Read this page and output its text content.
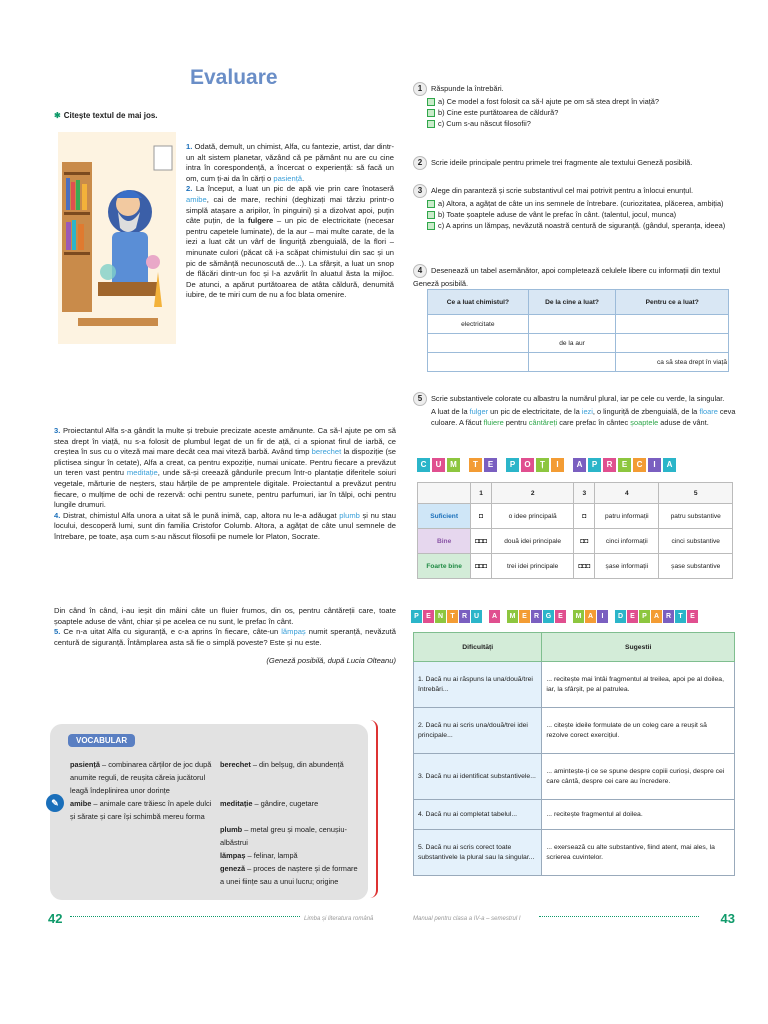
Evaluare
✱ Citește textul de mai jos.

1. Odată, demult, un chimist, Alfa, cu fantezie, artist, dar dintr-un alt sistem planetar, văzând că pe pământ nu are cu cine intra în corespondență, a încercat o experiență: să facă un om, cum ți-ai da în cărți o pasiență.

2. La început, a luat un pic de apă vie prin care înotaseră amibe, cai de mare, rechini (deghizați mai târziu printr-o simplă atașare a aripilor, în pinguini) și a dizolvat apoi, puțin câte puțin, de la fulgere – un pic de electricitate (necesar pentru capetele luminate), de la aur – mai multe carate, de la iezi a luat căt un vârf de linguriță zbenguială, de la flori – minunate culori (păcat că i-a scăpat chimistului din sac și un pic de sămânță necunoscută de...). La sfârșit, a luat un snop de flăcări dintr-un foc și l-a azvârlit în aluatul ăsta la mijloc. De atunci, a apărut purtătoarea de atâta căldură, denumită iubire, de te miri cum de nu a foc blata omenire.

3. Proiectantul Alfa s-a gândit la multe și trebuie precizate aceste amănunte. Ca să-l ajute pe om să stea drept în viață, nu s-a folosit de plumbul legat de un fir de ață, ci a spionat firul de iarbă, ce creștea în sus cu o viteză mai mare decât cea mai viteză barbă. Având timp berechet la dispoziție (se plictisea singur în cetate), Alfa a creat, ca pentru expoziție, numai unicate. Pentru fiecare a prevăzut un teren vast pentru meditație, unde să-și creează gândurile precum într-o plantație diferitele soiuri vegetale, mărturie de neșters, stau hărțile de pe amprentele digitale. Proiectantul a prevăzut pentru fiecare, o mulțime de ochi de rezervă: ochi pentru sunete, pentru parfumuri, iar în tălpi, ochi pentru lungile drumuri.

4. Distrat, chimistul Alfa unora a uitat să le pună inimă, cap, altora nu le-a adăugat plumb și nu stau locului, descoperă lumi, sunt din familia Cristofor Columb. Altora, a agățat de câte unul semnele de întrebare, pe toate, așa cum s-au născut filosofii pe numele lor Platon, Socrate.

1 Răspunde la întrebări.
a) Ce model a fost folosit ca să-l ajute pe om să stea drept în viață?
b) Cine este purtătoarea de căldură?
c) Cum s-au născut filosofii?
2 Scrie ideile principale pentru primele trei fragmente ale textului Geneză posibilă.
3 Alege din paranteză și scrie substantivul cel mai potrivit pentru a înlocui enunțul.
a) Altora, a agățat de câte un ins semnele de întrebare. (curiozitatea, plăcerea, ambiția)
b) Toate șoaptele aduse de vânt le prefac în cânt. (talentul, jocul, munca)
c) A aprins un lămpaș, nevăzută noastră centură de siguranță. (gândul, speranța, ideea)
4 Desenează un tabel asemănător, apoi completează celulele libere cu informații din textul Geneză posibilă.
Ce a luat chimistul?	De la cine a luat?	Pentru ce a luat?
electricitate		
	de la aur	
		ca să stea drept în viață
5 Scrie substantivele colorate cu albastru la numărul plural, iar pe cele cu verde, la singular.
A luat de la fulger un pic de electricitate, de la iezi, o linguriță de zbenguială, de la floare ceva culoare. A făcut fluiere pentru cântăreți care prefac în cântec șoaptele aduse de vânt.
C	U	M	T	E	P	O	Ț	I	A	P	R	E	C	I	A
	1	2	3	4	5
Suficient	◘	o idee principală	◘	patru informații	patru substantive
Bine	◘◘◘	două idei principale	◘◘	cinci informații	cinci substantive
Foarte bine	◘◘◘	trei idei principale	◘◘◘	șase informații	șase substantive

Din când în când, i-au ieșit din mâini câte un fluier frumos, din os, pentru cântăreții care, toate șoaptele aduse de vânt, chiar și pe acelea ce nu sunt, le prefac în cânt.

5. Ce n-a uitat Alfa cu siguranță, e c-a aprins în fiecare, câte-un lămpaș numit speranță, nevăzută centură de siguranță. Întâmplarea asta să fie o simplă poveste? Este și nu este.

(Geneză posibilă, după Lucia Olteanu)

VOCABULAR
✎
pasiență – combinarea cărților de joc după anumite reguli, de reușita căreia jucătorul leagă îndeplinirea unor dorințe
berechet – din belșug, din abundență
amibe – animale care trăiesc în apele dulci și sărate și care își schimbă mereu forma
meditație – gândire, cugetare
plumb – metal greu și moale, cenușiu-albăstrui
lămpaș – felinar, lampă
geneză – proces de naștere și de formare a unei ființe sau a unui lucru; origine
42	Limba și literatura română
P	E	N	T	R U	A	M E	R G E	M A	I	D	E	P	A R	T	E
Dificultăți	Sugestii
1. Dacă nu ai răspuns la una/două/trei întrebări...	... recitește mai întâi fragmentul al treilea, apoi pe al doilea, iar, la sfârșit, pe al patrulea.
2. Dacă nu ai scris una/două/trei idei principale...	... citește ideile formulate de un coleg care a reușit să rezolve corect exercițiul.
3. Dacă nu ai identificat substantivele...	... amintește-ți ce se spune despre copiii curioși, despre cei care cântă, despre cei care au încredere.
4. Dacă nu ai completat tabelul...	... recitește fragmentul al doilea.
5. Dacă nu ai scris corect toate substantivele la plural sau la singular...	... exersează cu alte substantive, fiind atent, mai ales, la scrierea cuvintelor.
Manual pentru clasa a IV-a – semestrul I	43
